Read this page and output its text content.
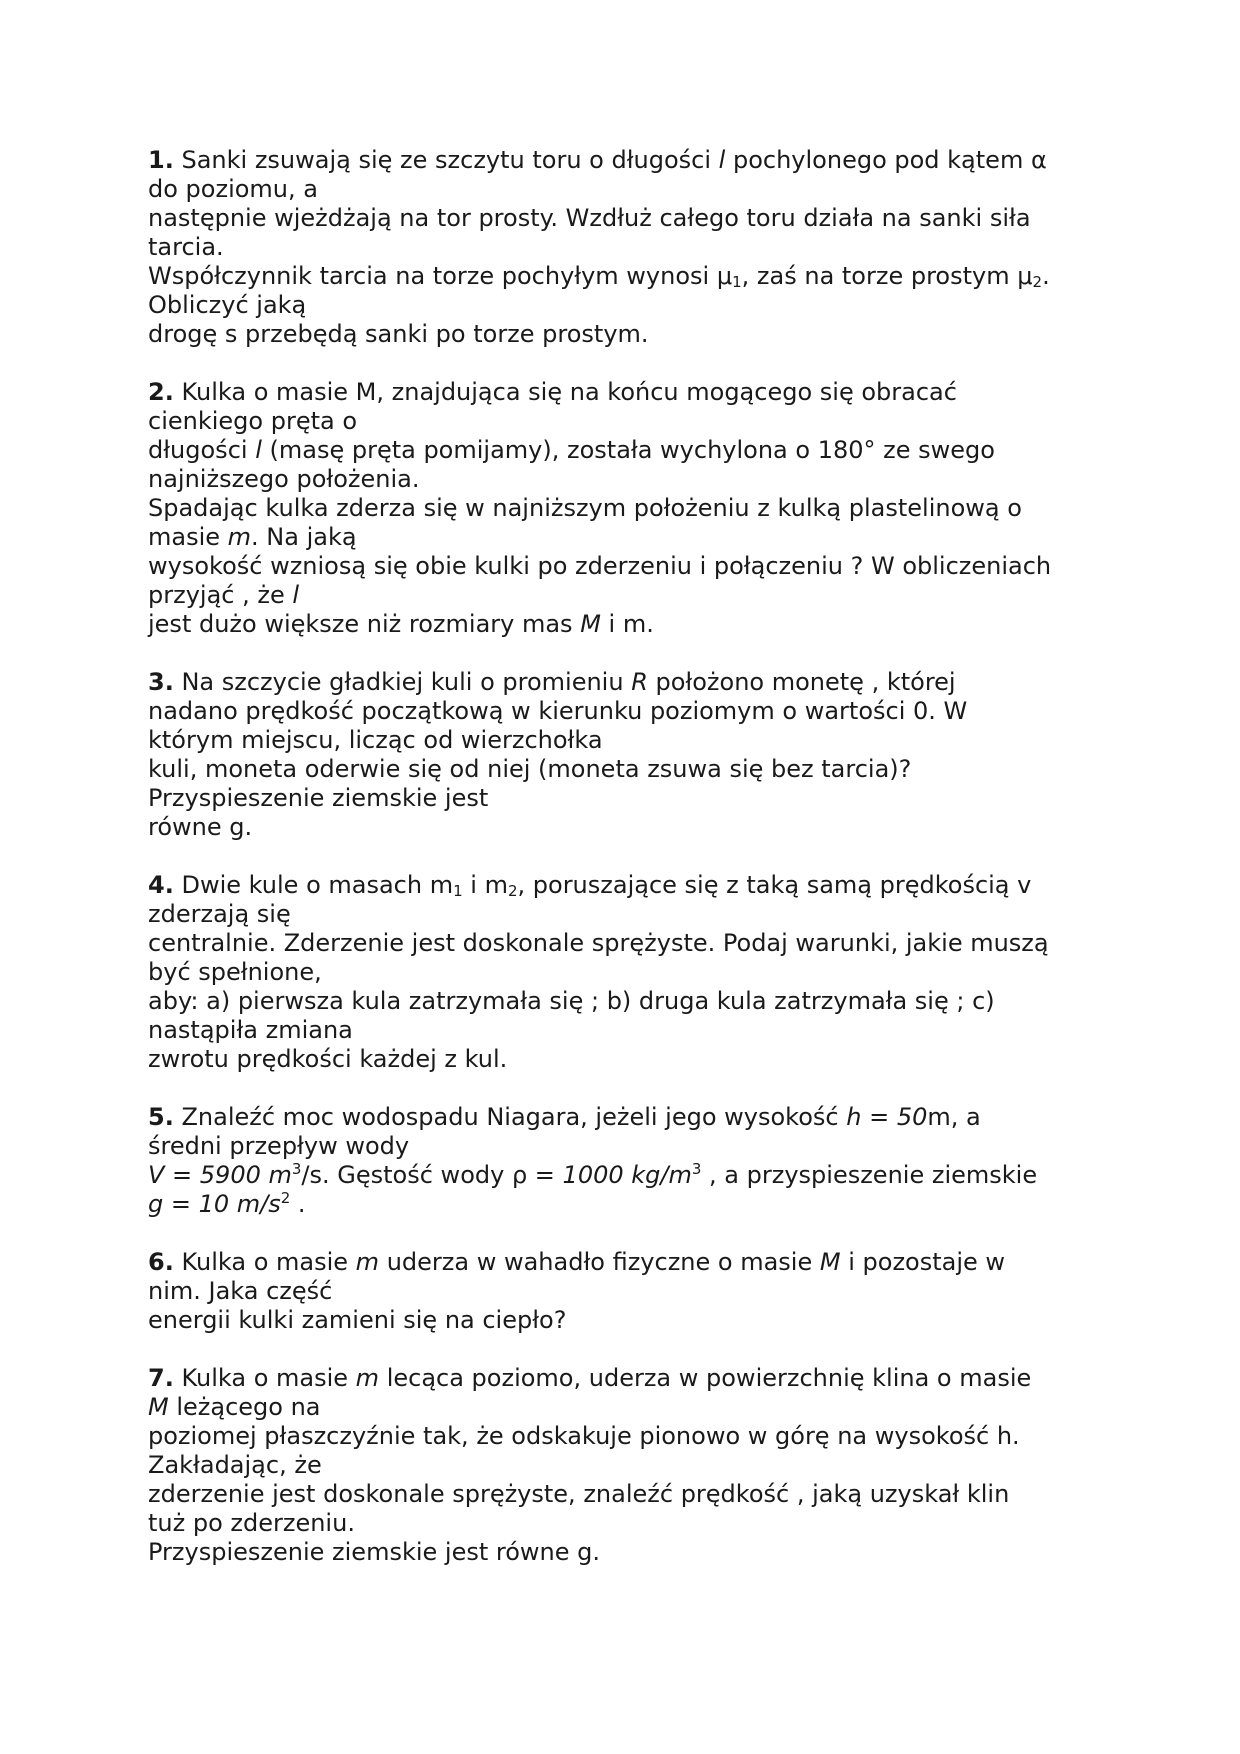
1. Sanki zsuwają się ze szczytu toru o długości l pochylonego pod kątem α
do poziomu, a
następnie wjeżdżają na tor prosty. Wzdłuż całego toru działa na sanki siła
tarcia.
Współczynnik tarcia na torze pochyłym wynosi $\mu_1$, zaś na torze prostym $\mu_2$.
Obliczyć jaką
drogę s przebędą sanki po torze prostym.
2. Kulka o masie M, znajdująca się na końcu mogącego się obracać
cienkiego pręta o
długości l (masę pręta pomijamy), została wychylona o 180° ze swego
najniższego położenia.
Spadając kulka zderza się w najniższym położeniu z kulką plastelinową o
masie m. Na jaką
wysokość wzniosą się obie kulki po zderzeniu i połączeniu ? W obliczeniach
przyjąć , że l
jest dużo większe niż rozmiary mas M i m.
3. Na szczycie gładkiej kuli o promieniu R położono monetę , której
nadano prędkość początkową w kierunku poziomym o wartości 0. W
którym miejscu, licząc od wierzchołka
kuli, moneta oderwie się od niej (moneta zsuwa się bez tarcia)?
Przyspieszenie ziemskie jest
równe g.
4. Dwie kule o masach $m_1$ i $m_2$, poruszające się z taką samą prędkością v
zderzają się
centralnie. Zderzenie jest doskonale sprężyste. Podaj warunki, jakie muszą
być spełnione,
aby: a) pierwsza kula zatrzymała się ; b) druga kula zatrzymała się ; c)
nastąpiła zmiana
zwrotu prędkości każdej z kul.
5. Znaleźć moc wodospadu Niagara, jeżeli jego wysokość h = 50m, a
średni przepływ wody
V = 5900 $m^3/s$. Gęstość wody ρ = 1000 $kg/m^3$ , a przyspieszenie ziemskie
g = 10 $m/s^2$ .
6. Kulka o masie m uderza w wahadło fizyczne o masie M i pozostaje w
nim. Jaka część
energii kulki zamieni się na ciepło?
7. Kulka o masie m lecąca poziomo, uderza w powierzchnię klina o masie
M leżącego na
poziomej płaszczyźnie tak, że odskakuje pionowo w górę na wysokość h.
Zakładając, że
zderzenie jest doskonale sprężyste, znaleźć prędkość , jaką uzyskał klin
tuż po zderzeniu.
Przyspieszenie ziemskie jest równe g.
